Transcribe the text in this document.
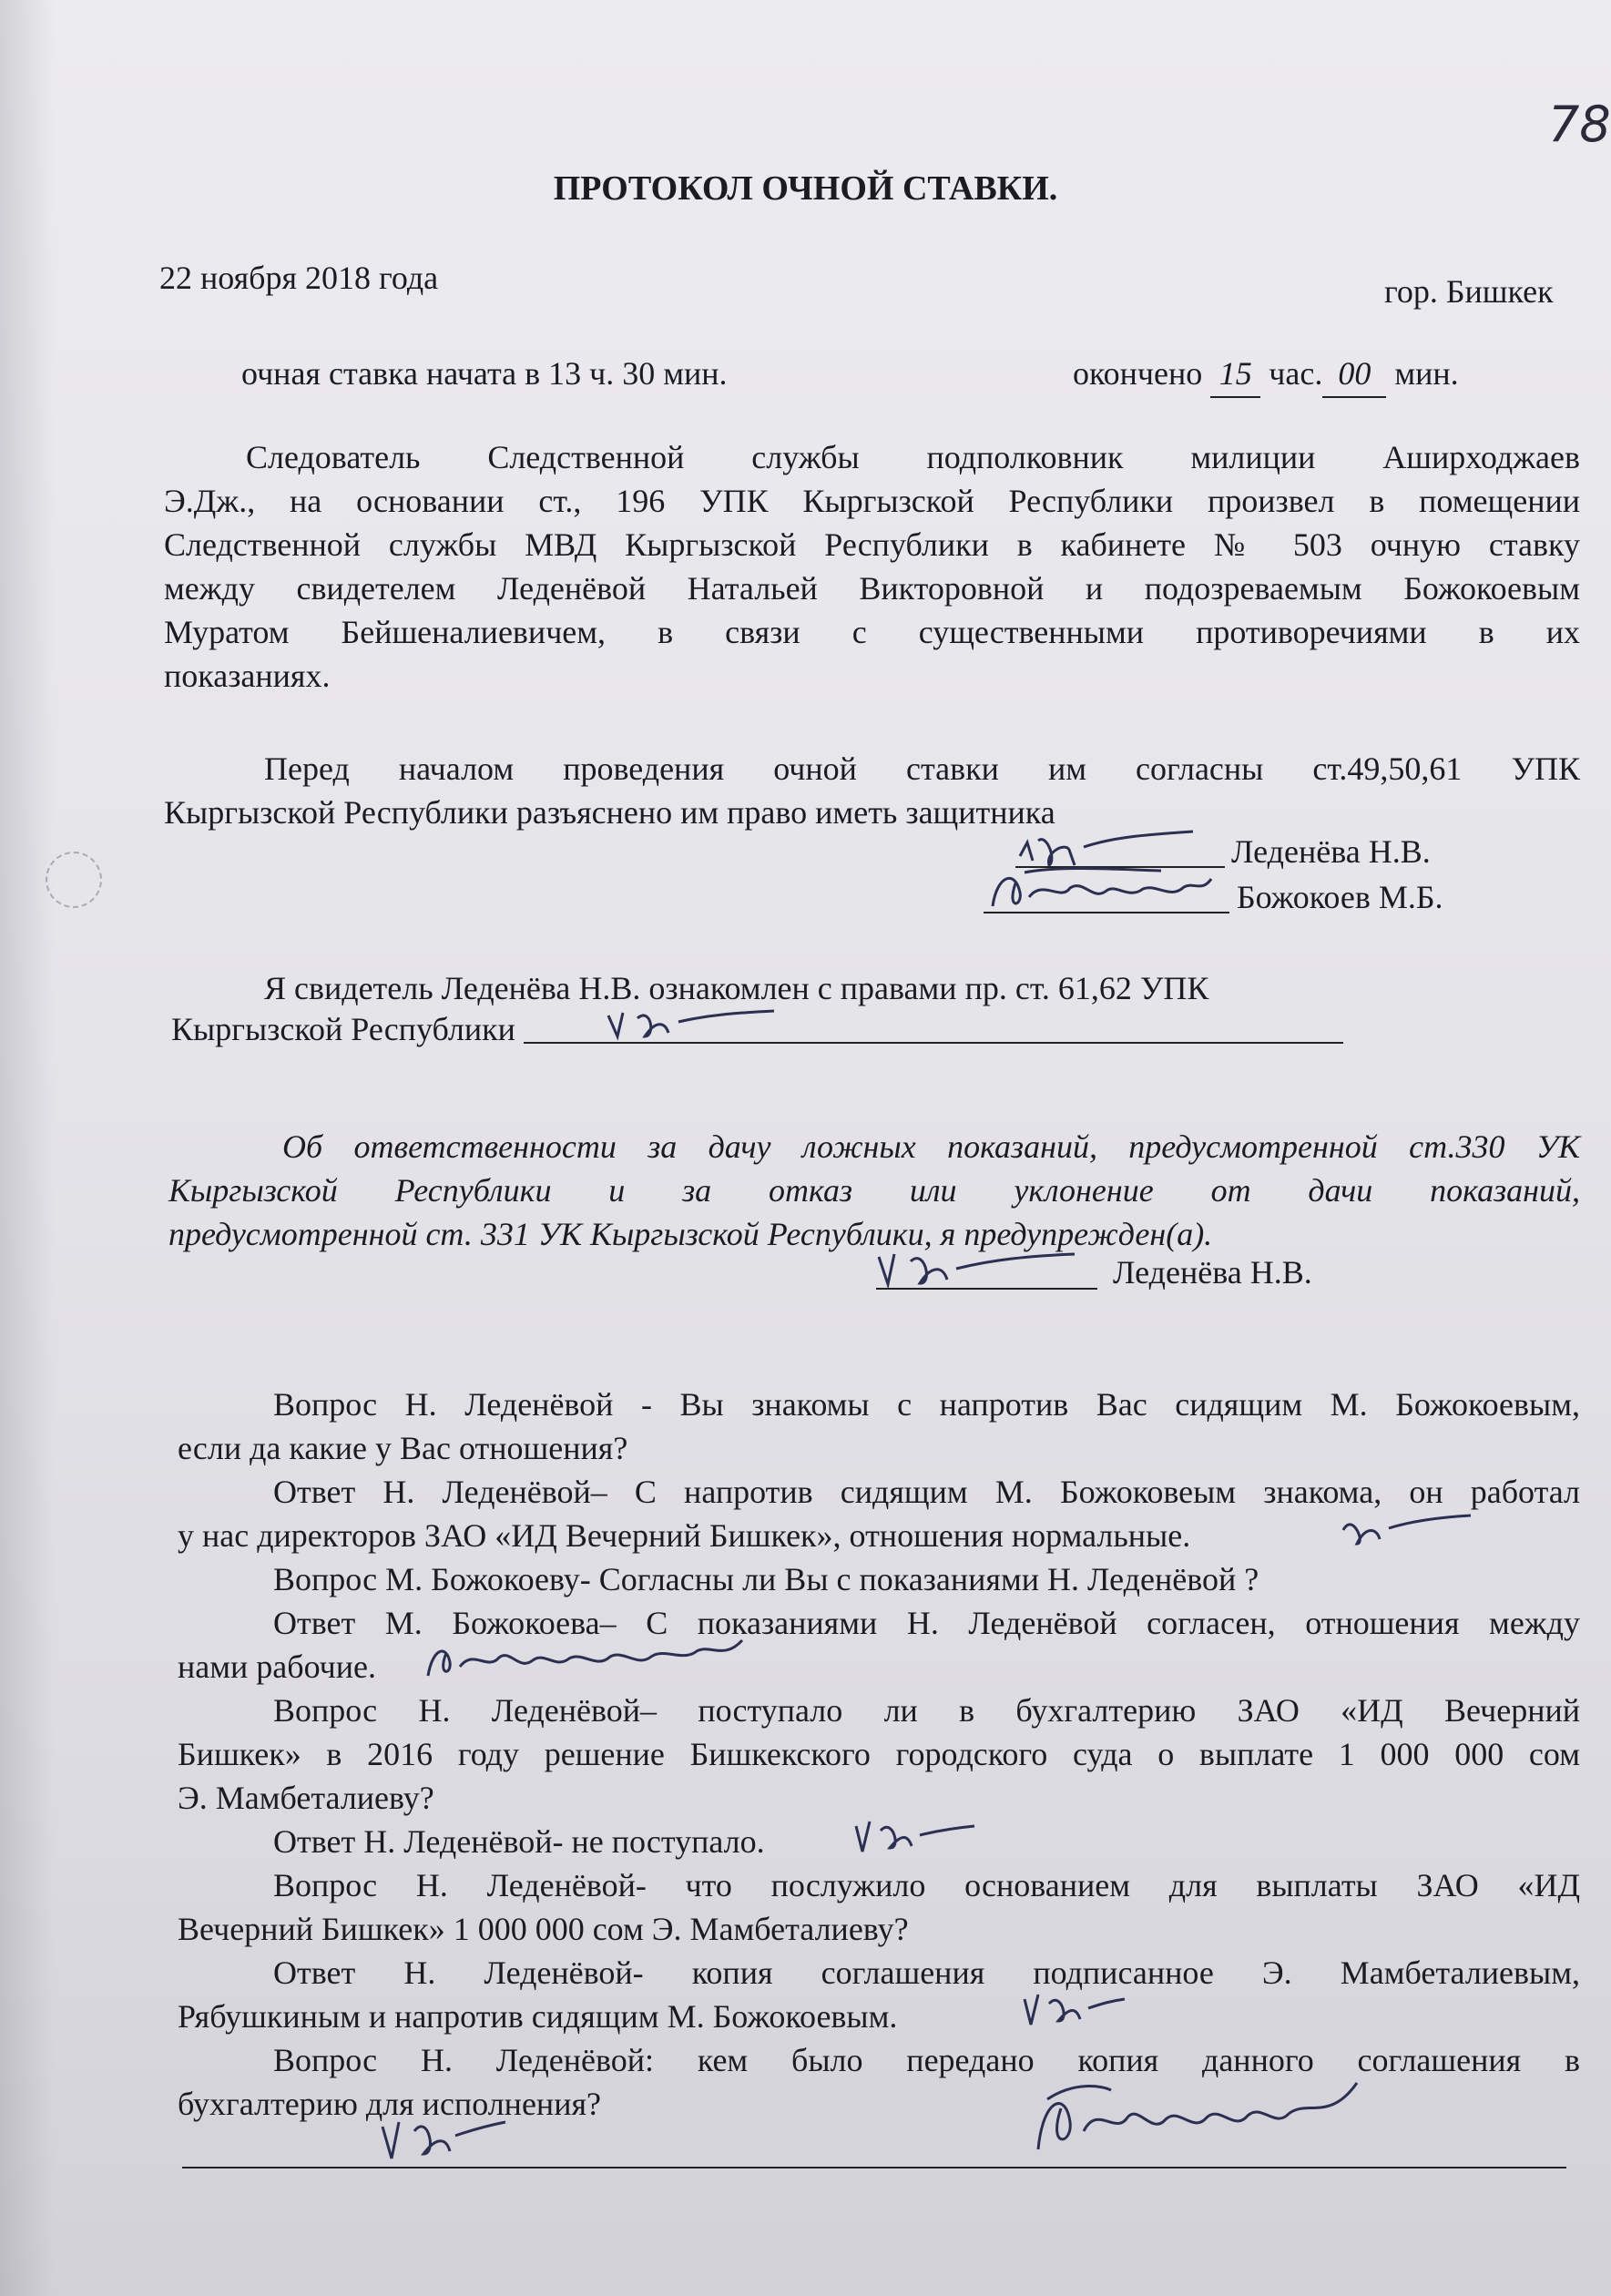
78
ПРОТОКОЛ ОЧНОЙ СТАВКИ.
22 ноября 2018 года	гор. Бишкек
очная ставка начата в 13 ч. 30 мин.	окончено 15 час. 00 мин.
Следователь Следственной службы подполковник милиции Аширходжаев
Э.Дж., на основании ст., 196 УПК Кыргызской Республики произвел в помещении
Следственной службы МВД Кыргызской Республики в кабинете № 503 очную ставку
между свидетелем Леденёвой Натальей Викторовной и подозреваемым Божокоевым
Муратом Бейшеналиевичем, в связи с существенными противоречиями в их
показаниях.
Перед началом проведения очной ставки им согласны ст.49,50,61 УПК
Кыргызской Республики разъяснено им право иметь защитника
Леденёва Н.В.
Божокоев М.Б.
Я свидетель Леденёва Н.В. ознакомлен с правами пр. ст. 61,62 УПК
Кыргызской Республики
Об ответственности за дачу ложных показаний, предусмотренной ст.330 УК
Кыргызской Республики и за отказ или уклонение от дачи показаний,
предусмотренной ст. 331 УК Кыргызской Республики, я предупрежден(а).
Леденёва Н.В.
Вопрос Н. Леденёвой - Вы знакомы с напротив Вас сидящим М. Божокоевым,
если да какие у Вас отношения?
Ответ Н. Леденёвой– С напротив сидящим М. Божоковеым знакома, он работал
у нас директоров ЗАО «ИД Вечерний Бишкек», отношения нормальные.
Вопрос М. Божокоеву- Согласны ли Вы с показаниями Н. Леденёвой ?
Ответ М. Божокоева– С показаниями Н. Леденёвой согласен, отношения между
нами рабочие.
Вопрос Н. Леденёвой– поступало ли в бухгалтерию ЗАО «ИД Вечерний
Бишкек» в 2016 году решение Бишкекского городского суда о выплате 1 000 000 сом
Э. Мамбеталиеву?
Ответ Н. Леденёвой- не поступало.
Вопрос Н. Леденёвой- что послужило основанием для выплаты ЗАО «ИД
Вечерний Бишкек» 1 000 000 сом Э. Мамбеталиеву?
Ответ Н. Леденёвой- копия соглашения подписанное Э. Мамбеталиевым,
Рябушкиным и напротив сидящим М. Божокоевым.
Вопрос Н. Леденёвой: кем было передано копия данного соглашения в
бухгалтерию для исполнения?
